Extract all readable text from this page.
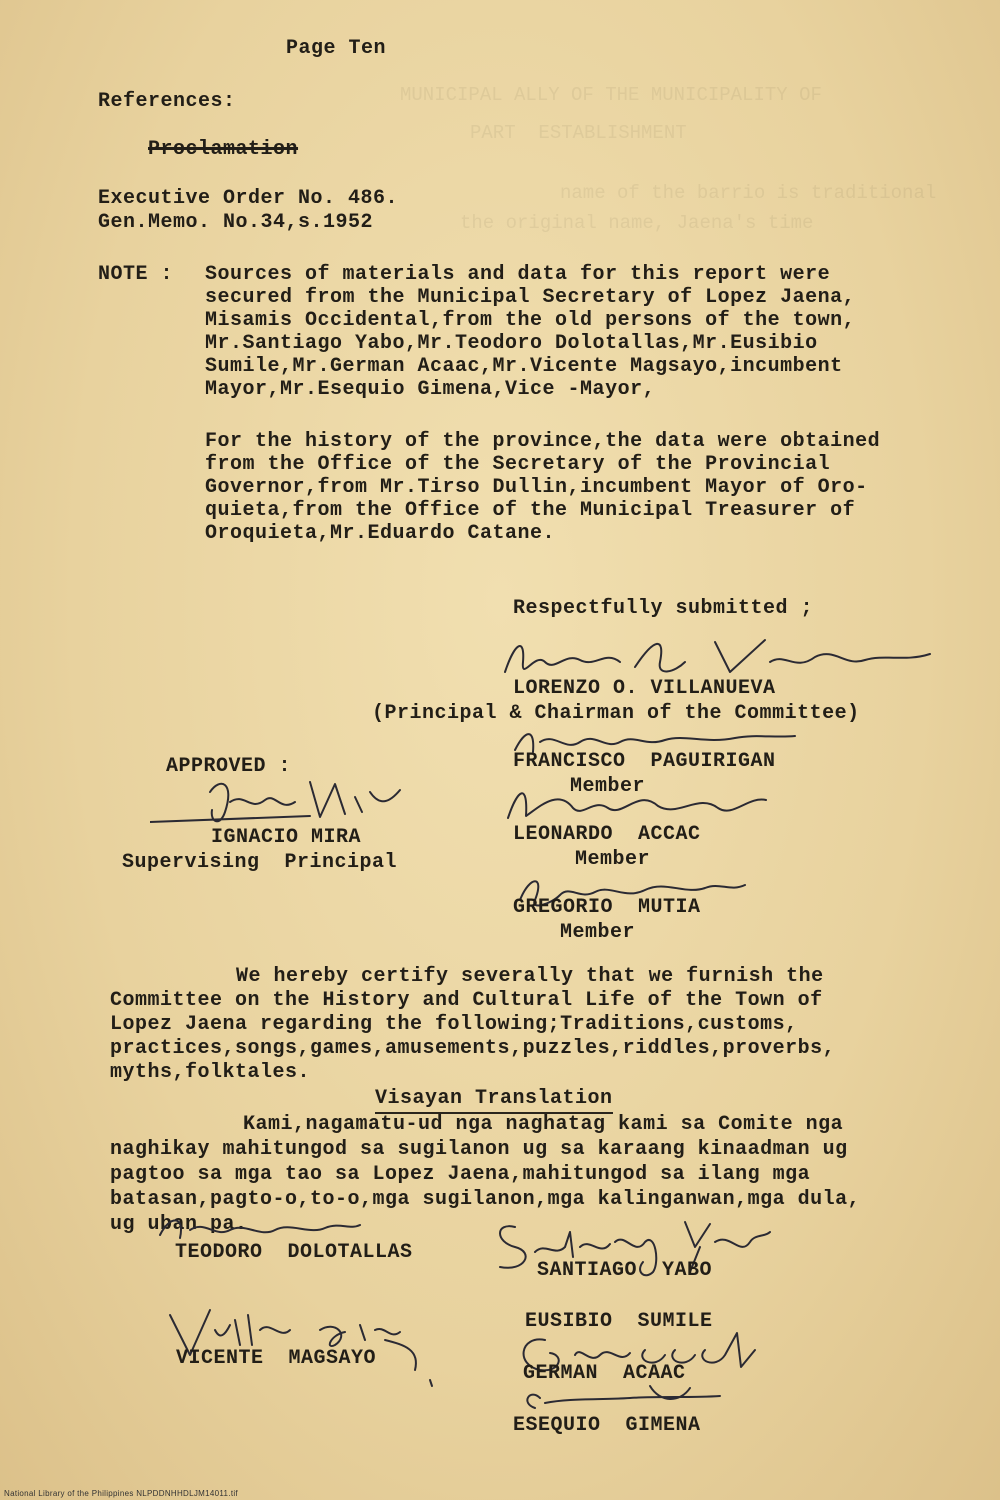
MUNICIPAL ALLY OF THE MUNICIPALITY OF
PART  ESTABLISHMENT
name of the barrio is traditional
the original name, Jaena's time
Page Ten
References:
Proclamation
Executive Order No. 486.
Gen.Memo. No.34,s.1952
NOTE : Sources of materials and data for this report were
secured from the Municipal Secretary of Lopez Jaena,
Misamis Occidental,from the old persons of the town,
Mr.Santiago Yabo,Mr.Teodoro Dolotallas,Mr.Eusibio
Sumile,Mr.German Acaac,Mr.Vicente Magsayo,incumbent
Mayor,Mr.Esequio Gimena,Vice -Mayor,
For the history of the province,the data were obtained
from the Office of the Secretary of the Provincial
Governor,from Mr.Tirso Dullin,incumbent Mayor of Oro-
quieta,from the Office of the Municipal Treasurer of
Oroquieta,Mr.Eduardo Catane.
Respectfully submitted ;
LORENZO O. VILLANUEVA
(Principal & Chairman of the Committee)
APPROVED :
IGNACIO MIRA
Supervising  Principal
FRANCISCO  PAGUIRIGAN
Member
LEONARDO  ACCAC
Member
GREGORIO  MUTIA
Member
We hereby certify severally that we furnish the
Committee on the History and Cultural Life of the Town of
Lopez Jaena regarding the following;Traditions,customs,
practices,songs,games,amusements,puzzles,riddles,proverbs,
myths,folktales.
Visayan Translation
Kami,nagamatu-ud nga naghatag kami sa Comite nga
naghikay mahitungod sa sugilanon ug sa karaang kinaadman ug
pagtoo sa mga tao sa Lopez Jaena,mahitungod sa ilang mga
batasan,pagto-o,to-o,mga sugilanon,mga kalinganwan,mga dula,
ug uban pa.
TEODORO  DOLOTALLAS
SANTIAGO  YABO
VICENTE  MAGSAYO
EUSIBIO  SUMILE
GERMAN  ACAAC
ESEQUIO  GIMENA
National Library of the Philippines NLPDDNHHDLJM14011.tif
